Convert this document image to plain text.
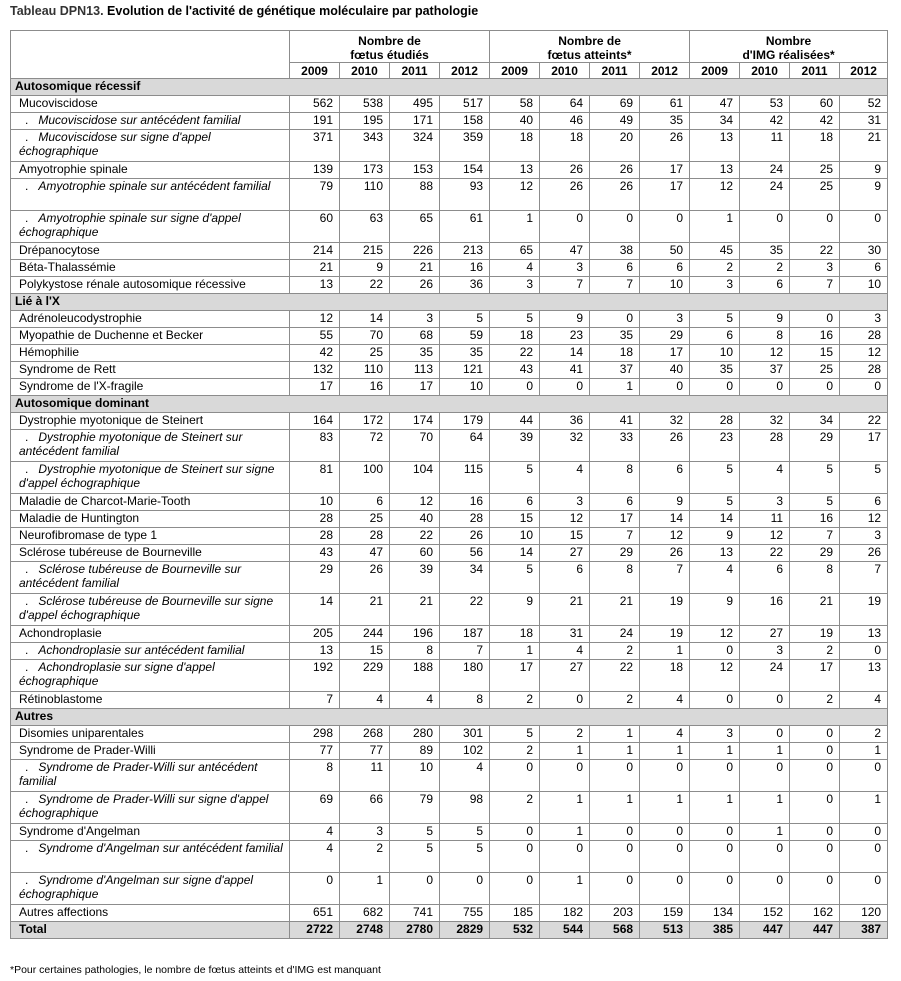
Tableau DPN13. Evolution de l'activité de génétique moléculaire par pathologie
	Nombre de
fœtus étudiés				Nombre de
fœtus atteints*				Nombre
d'IMG réalisées*			
	2009	2010	2011	2012	2009	2010	2011	2012	2009	2010	2011	2012
Autosomique récessif												
Mucoviscidose	562	538	495	517	58	64	69	61	47	53	60	52
. Mucoviscidose sur antécédent familial	191	195	171	158	40	46	49	35	34	42	42	31
. Mucoviscidose sur signe d'appel échographique	371	343	324	359	18	18	20	26	13	11	18	21
Amyotrophie spinale	139	173	153	154	13	26	26	17	13	24	25	9
. Amyotrophie spinale sur antécédent familial	79	110	88	93	12	26	26	17	12	24	25	9
. Amyotrophie spinale sur signe d'appel échographique	60	63	65	61	1	0	0	0	1	0	0	0
Drépanocytose	214	215	226	213	65	47	38	50	45	35	22	30
Béta-Thalassémie	21	9	21	16	4	3	6	6	2	2	3	6
Polykystose rénale autosomique récessive	13	22	26	36	3	7	7	10	3	6	7	10
Lié à l'X												
Adrénoleucodystrophie	12	14	3	5	5	9	0	3	5	9	0	3
Myopathie de Duchenne et Becker	55	70	68	59	18	23	35	29	6	8	16	28
Hémophilie	42	25	35	35	22	14	18	17	10	12	15	12
Syndrome de Rett	132	110	113	121	43	41	37	40	35	37	25	28
Syndrome de l'X-fragile	17	16	17	10	0	0	1	0	0	0	0	0
Autosomique dominant												
Dystrophie myotonique de Steinert	164	172	174	179	44	36	41	32	28	32	34	22
. Dystrophie myotonique de Steinert sur antécédent familial	83	72	70	64	39	32	33	26	23	28	29	17
. Dystrophie myotonique de Steinert sur signe d'appel échographique	81	100	104	115	5	4	8	6	5	4	5	5
Maladie de Charcot-Marie-Tooth	10	6	12	16	6	3	6	9	5	3	5	6
Maladie de Huntington	28	25	40	28	15	12	17	14	14	11	16	12
Neurofibromase de type 1	28	28	22	26	10	15	7	12	9	12	7	3
Sclérose tubéreuse de Bourneville	43	47	60	56	14	27	29	26	13	22	29	26
. Sclérose tubéreuse de Bourneville sur antécédent familial	29	26	39	34	5	6	8	7	4	6	8	7
. Sclérose tubéreuse de Bourneville sur signe d'appel échographique	14	21	21	22	9	21	21	19	9	16	21	19
Achondroplasie	205	244	196	187	18	31	24	19	12	27	19	13
. Achondroplasie sur antécédent familial	13	15	8	7	1	4	2	1	0	3	2	0
. Achondroplasie sur signe d'appel échographique	192	229	188	180	17	27	22	18	12	24	17	13
Rétinoblastome	7	4	4	8	2	0	2	4	0	0	2	4
Autres												
Disomies uniparentales	298	268	280	301	5	2	1	4	3	0	0	2
Syndrome de Prader-Willi	77	77	89	102	2	1	1	1	1	1	0	1
. Syndrome de Prader-Willi sur antécédent familial	8	11	10	4	0	0	0	0	0	0	0	0
. Syndrome de Prader-Willi sur signe d'appel échographique	69	66	79	98	2	1	1	1	1	1	0	1
Syndrome d'Angelman	4	3	5	5	0	1	0	0	0	1	0	0
. Syndrome d'Angelman sur antécédent familial	4	2	5	5	0	0	0	0	0	0	0	0
. Syndrome d'Angelman sur signe d'appel échographique	0	1	0	0	0	1	0	0	0	0	0	0
Autres affections	651	682	741	755	185	182	203	159	134	152	162	120
Total	2722	2748	2780	2829	532	544	568	513	385	447	447	387
*Pour certaines pathologies, le nombre de fœtus atteints et d'IMG est manquant
